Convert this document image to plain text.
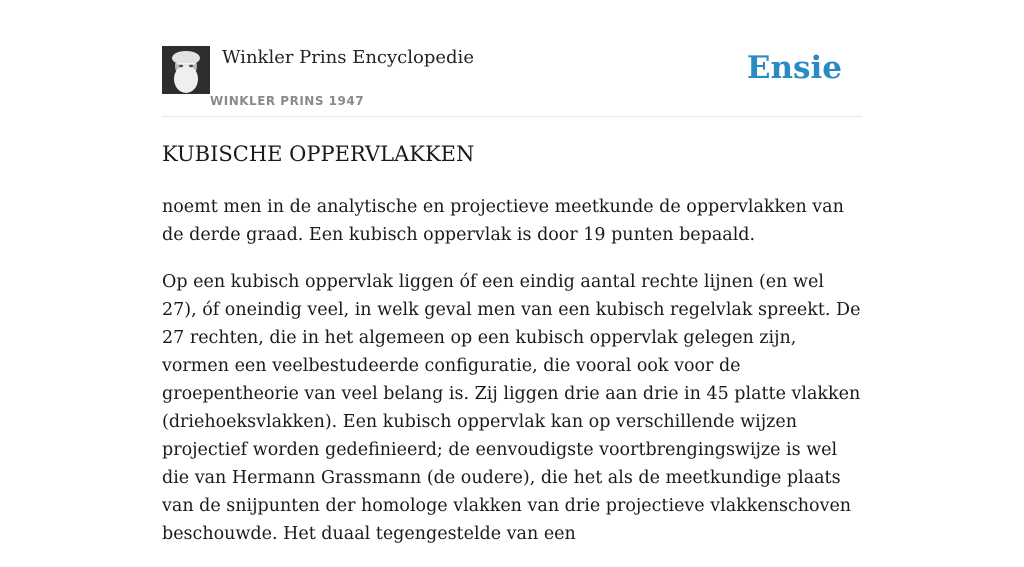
Winkler Prins Encyclopedie
WINKLER PRINS 1947
Ensie
KUBISCHE OPPERVLAKKEN

noemt men in de analytische en projectieve meetkunde de oppervlakken van de derde graad. Een kubisch oppervlak is door 19 punten bepaald.

Op een kubisch oppervlak liggen óf een eindig aantal rechte lijnen (en wel 27), óf oneindig veel, in welk geval men van een kubisch regelvlak spreekt. De 27 rechten, die in het algemeen op een kubisch oppervlak gelegen zijn, vormen een veelbestudeerde configuratie, die vooral ook voor de groepentheorie van veel belang is. Zij liggen drie aan drie in 45 platte vlakken (driehoeksvlakken). Een kubisch oppervlak kan op verschillende wijzen projectief worden gedefinieerd; de eenvoudigste voortbrengingswijze is wel die van Hermann Grassmann (de oudere), die het als de meetkundige plaats van de snijpunten der homologe vlakken van drie projectieve vlakkenschoven beschouwde. Het duaal tegengestelde van een
